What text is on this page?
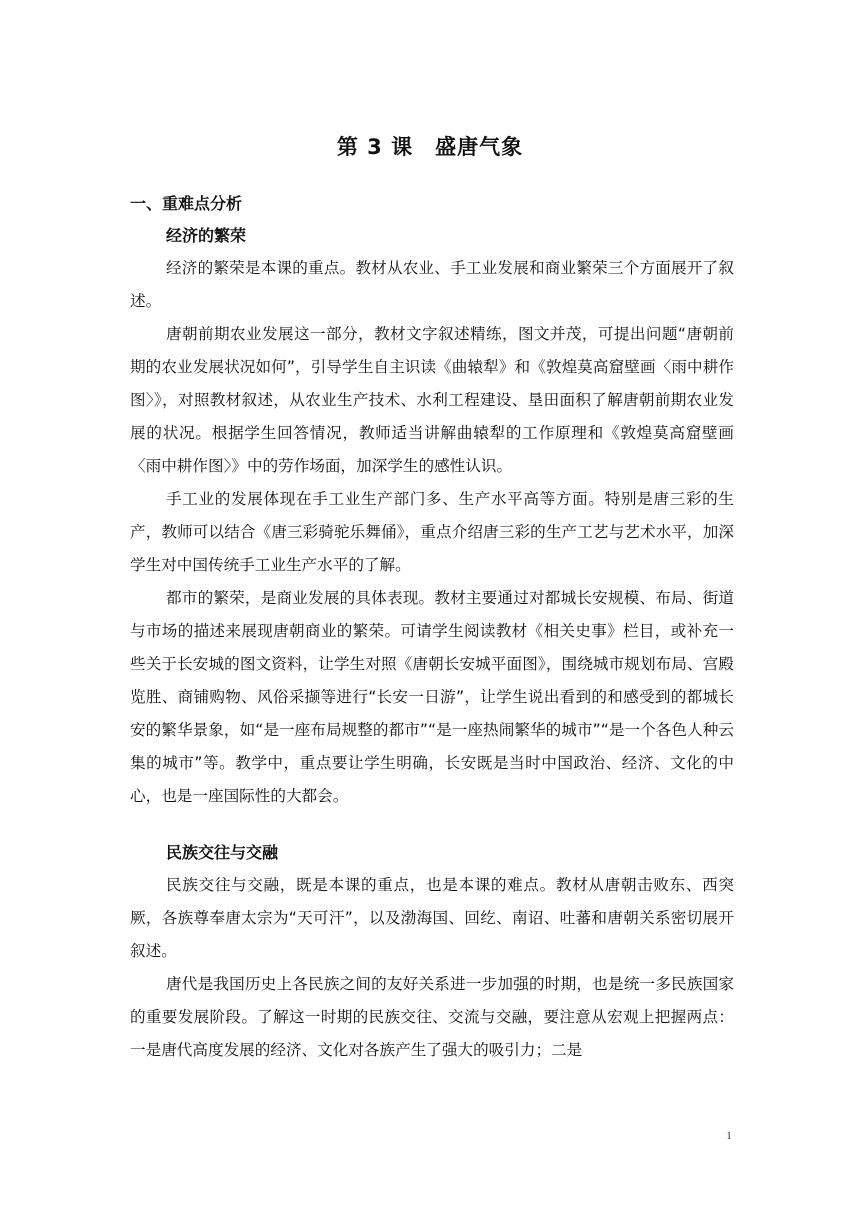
第 3 课　盛唐气象
一、重难点分析
经济的繁荣
经济的繁荣是本课的重点。教材从农业、手工业发展和商业繁荣三个方面展开了叙述。
唐朝前期农业发展这一部分，教材文字叙述精练，图文并茂，可提出问题“唐朝前期的农业发展状况如何”，引导学生自主识读《曲辕犁》和《敦煌莫高窟壁画〈雨中耕作图〉》，对照教材叙述，从农业生产技术、水利工程建设、垦田面积了解唐朝前期农业发展的状况。根据学生回答情况，教师适当讲解曲辕犁的工作原理和《敦煌莫高窟壁画〈雨中耕作图〉》中的劳作场面，加深学生的感性认识。
手工业的发展体现在手工业生产部门多、生产水平高等方面。特别是唐三彩的生产，教师可以结合《唐三彩骑驼乐舞俑》，重点介绍唐三彩的生产工艺与艺术水平，加深学生对中国传统手工业生产水平的了解。
都市的繁荣，是商业发展的具体表现。教材主要通过对都城长安规模、布局、街道与市场的描述来展现唐朝商业的繁荣。可请学生阅读教材《相关史事》栏目，或补充一些关于长安城的图文资料，让学生对照《唐朝长安城平面图》，围绕城市规划布局、宫殿览胜、商铺购物、风俗采撷等进行“长安一日游”，让学生说出看到的和感受到的都城长安的繁华景象，如“是一座布局规整的都市”“是一座热闹繁华的城市”“是一个各色人种云集的城市”等。教学中，重点要让学生明确，长安既是当时中国政治、经济、文化的中心，也是一座国际性的大都会。
民族交往与交融
民族交往与交融，既是本课的重点，也是本课的难点。教材从唐朝击败东、西突厥，各族尊奉唐太宗为“天可汗”，以及渤海国、回纥、南诏、吐蕃和唐朝关系密切展开叙述。
唐代是我国历史上各民族之间的友好关系进一步加强的时期，也是统一多民族国家的重要发展阶段。了解这一时期的民族交往、交流与交融，要注意从宏观上把握两点：一是唐代高度发展的经济、文化对各族产生了强大的吸引力；二是
1
